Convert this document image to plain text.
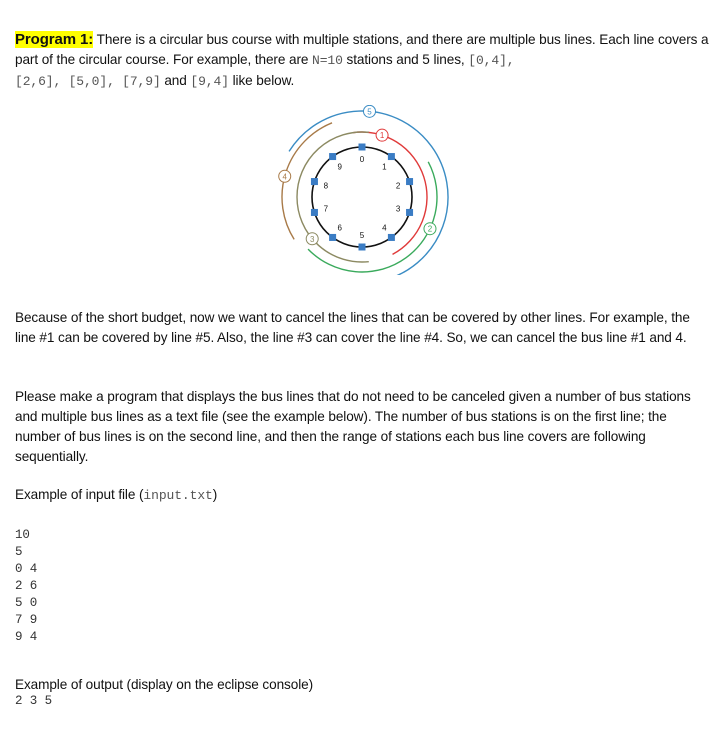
Program 1: There is a circular bus course with multiple stations, and there are multiple bus lines. Each line covers a part of the circular course. For example, there are N=10 stations and 5 lines, [0,4],
[2,6], [5,0], [7,9] and [9,4] like below.
1
2
3
4
5
0
1
2
3
4
5
6
7
8
9
Because of the short budget, now we want to cancel the lines that can be covered by other lines. For example, the line #1 can be covered by line #5. Also, the line #3 can cover the line #4. So, we can cancel the bus line #1 and 4.
Please make a program that displays the bus lines that do not need to be canceled given a number of bus stations and multiple bus lines as a text file (see the example below). The number of bus stations is on the first line; the number of bus lines is on the second line, and then the range of stations each bus line covers are following sequentially.
Example of input file (input.txt)
10
5
0 4
2 6
5 0
7 9
9 4
Example of output (display on the eclipse console)
2 3 5
